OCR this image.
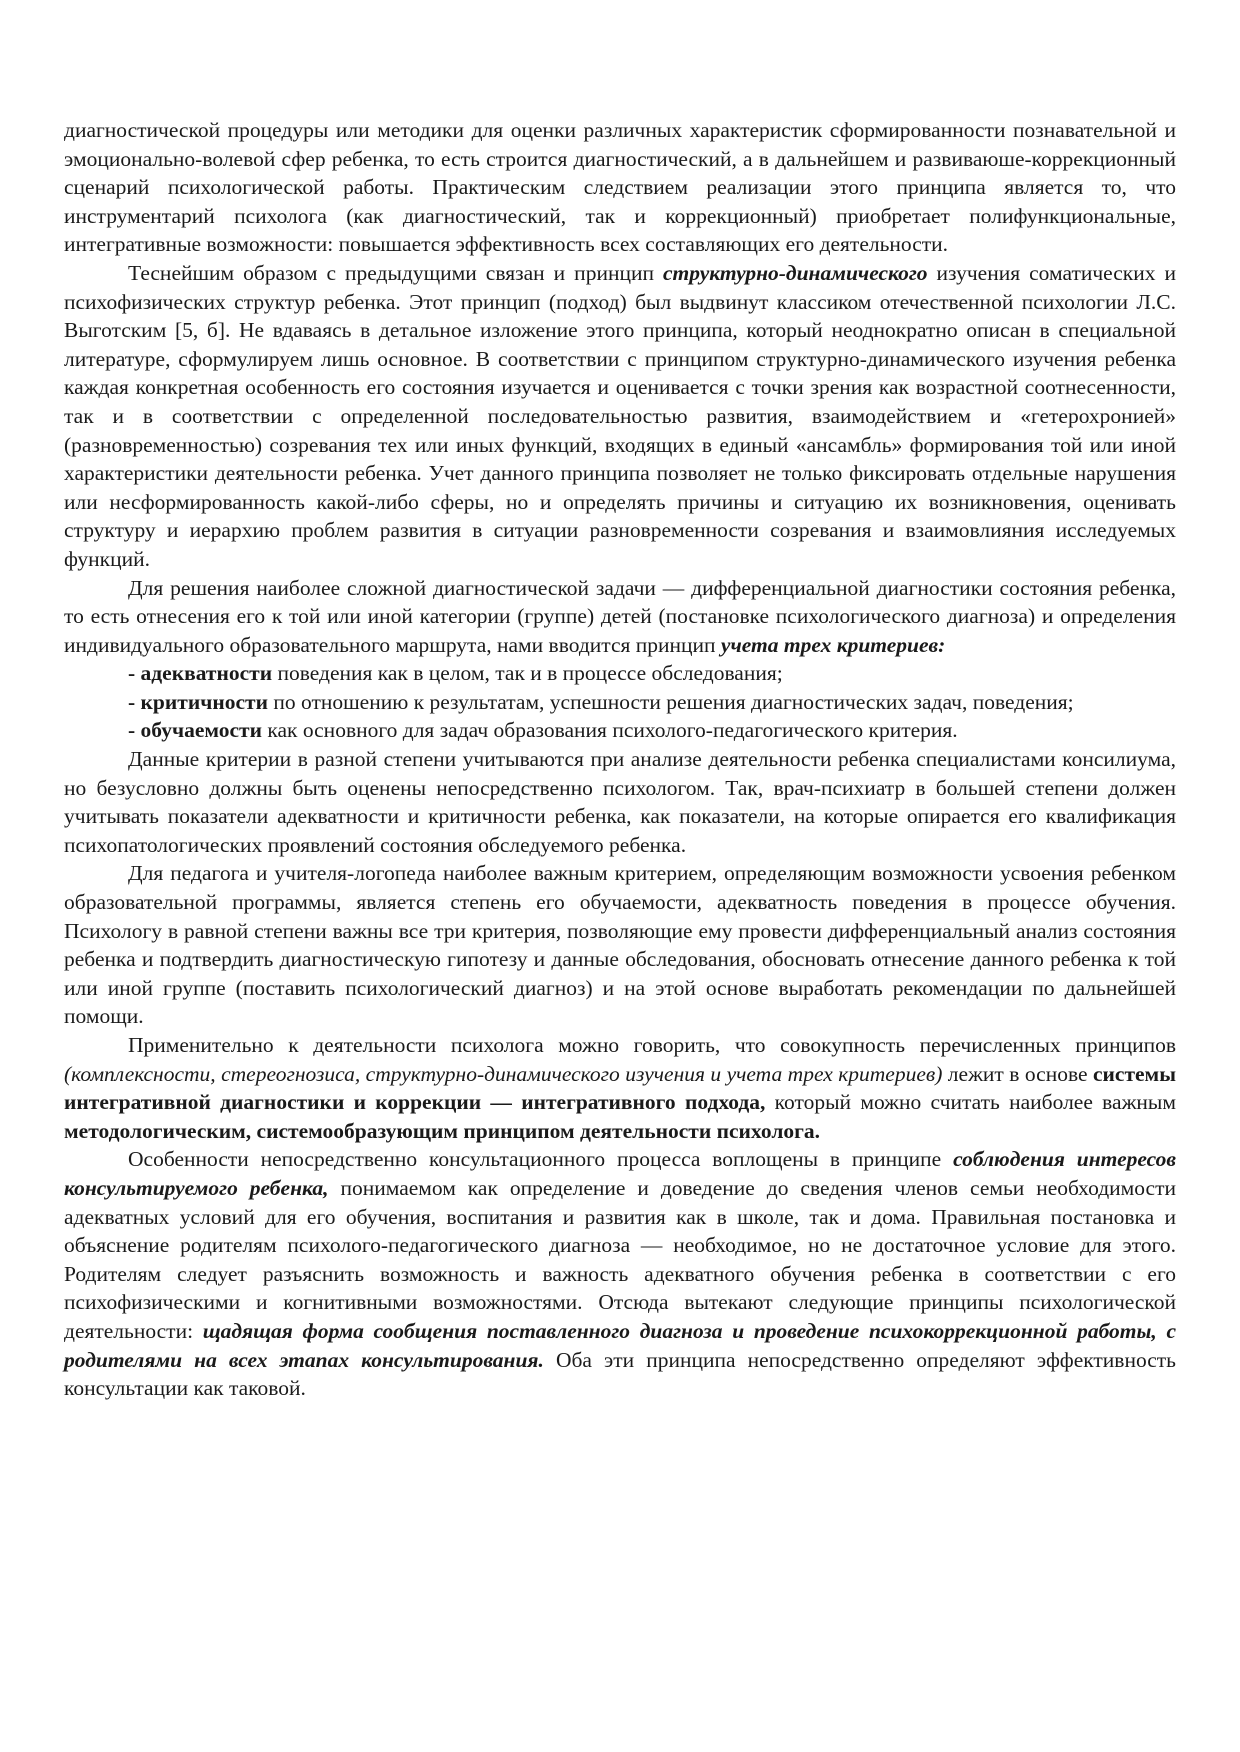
диагностической процедуры или методики для оценки различных характеристик сформированности познавательной и эмоционально-волевой сфер ребенка, то есть строится диагностический, а в дальнейшем и развиваюше-коррекционный сценарий психологической работы. Практическим следствием реализации этого принципа является то, что инструментарий психолога (как диагностический, так и коррекционный) приобретает полифункциональные, интегративные возможности: повышается эффективность всех составляющих его деятельности.

Теснейшим образом с предыдущими связан и принцип структурно-динамического изучения соматических и психофизических структур ребенка. Этот принцип (подход) был выдвинут классиком отечественной психологии Л.С. Выготским [5, б]. Не вдаваясь в детальное изложение этого принципа, который неоднократно описан в специальной литературе, сформулируем лишь основное. В соответствии с принципом структурно-динамического изучения ребенка каждая конкретная особенность его состояния изучается и оценивается с точки зрения как возрастной соотнесенности, так и в соответствии с определенной последовательностью развития, взаимодействием и «гетерохронией» (разновременностью) созревания тех или иных функций, входящих в единый «ансамбль» формирования той или иной характеристики деятельности ребенка. Учет данного принципа позволяет не только фиксировать отдельные нарушения или несформированность какой-либо сферы, но и определять причины и ситуацию их возникновения, оценивать структуру и иерархию проблем развития в ситуации разновременности созревания и взаимовлияния исследуемых функций.

Для решения наиболее сложной диагностической задачи — дифференциальной диагностики состояния ребенка, то есть отнесения его к той или иной категории (группе) детей (постановке психологического диагноза) и определения индивидуального образовательного маршрута, нами вводится принцип учета трех критериев:

- адекватности поведения как в целом, так и в процессе обследования;

- критичности по отношению к результатам, успешности решения диагностических задач, поведения;

- обучаемости как основного для задач образования психолого-педагогического критерия.

Данные критерии в разной степени учитываются при анализе деятельности ребенка специалистами консилиума, но безусловно должны быть оценены непосредственно психологом. Так, врач-психиатр в большей степени должен учитывать показатели адекватности и критичности ребенка, как показатели, на которые опирается его квалификация психопатологических проявлений состояния обследуемого ребенка.

Для педагога и учителя-логопеда наиболее важным критерием, определяющим возможности усвоения ребенком образовательной программы, является степень его обучаемости, адекватность поведения в процессе обучения. Психологу в равной степени важны все три критерия, позволяющие ему провести дифференциальный анализ состояния ребенка и подтвердить диагностическую гипотезу и данные обследования, обосновать отнесение данного ребенка к той или иной группе (поставить психологический диагноз) и на этой основе выработать рекомендации по дальнейшей помощи.

Применительно к деятельности психолога можно говорить, что совокупность перечисленных принципов (комплексности, стереогнозиса, структурно-динамического изучения и учета трех критериев) лежит в основе системы интегративной диагностики и коррекции — интегративного подхода, который можно считать наиболее важным методологическим, системообразующим принципом деятельности психолога.

Особенности непосредственно консультационного процесса воплощены в принципе соблюдения интересов консультируемого ребенка, понимаемом как определение и доведение до сведения членов семьи необходимости адекватных условий для его обучения, воспитания и развития как в школе, так и дома. Правильная постановка и объяснение родителям психолого-педагогического диагноза — необходимое, но не достаточное условие для этого. Родителям следует разъяснить возможность и важность адекватного обучения ребенка в соответствии с его психофизическими и когнитивными возможностями. Отсюда вытекают следующие принципы психологической деятельности: щадящая форма сообщения поставленного диагноза и проведение психокоррекционной работы, с родителями на всех этапах консультирования. Оба эти принципа непосредственно определяют эффективность консультации как таковой.
